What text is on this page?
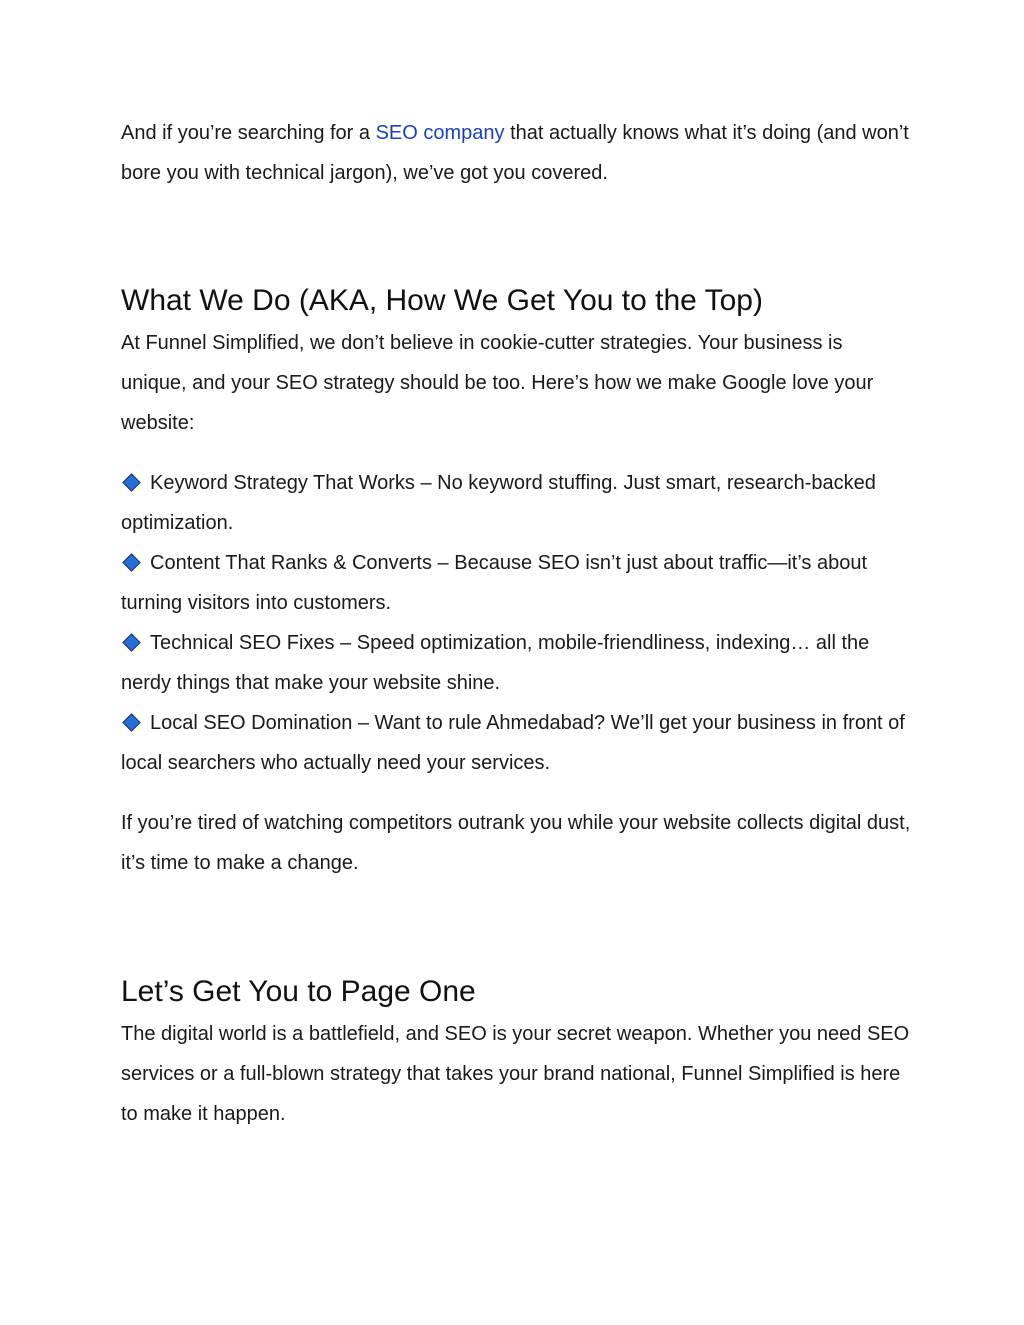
And if you’re searching for a SEO company that actually knows what it’s doing (and won’t bore you with technical jargon), we’ve got you covered.

What We Do (AKA, How We Get You to the Top)

At Funnel Simplified, we don’t believe in cookie-cutter strategies. Your business is unique, and your SEO strategy should be too. Here’s how we make Google love your website:

Keyword Strategy That Works – No keyword stuffing. Just smart, research-backed optimization.

Content That Ranks & Converts – Because SEO isn’t just about traffic—it’s about turning visitors into customers.

Technical SEO Fixes – Speed optimization, mobile-friendliness, indexing… all the nerdy things that make your website shine.

Local SEO Domination – Want to rule Ahmedabad? We’ll get your business in front of local searchers who actually need your services.

If you’re tired of watching competitors outrank you while your website collects digital dust, it’s time to make a change.

Let’s Get You to Page One

The digital world is a battlefield, and SEO is your secret weapon. Whether you need SEO services or a full-blown strategy that takes your brand national, Funnel Simplified is here to make it happen.
